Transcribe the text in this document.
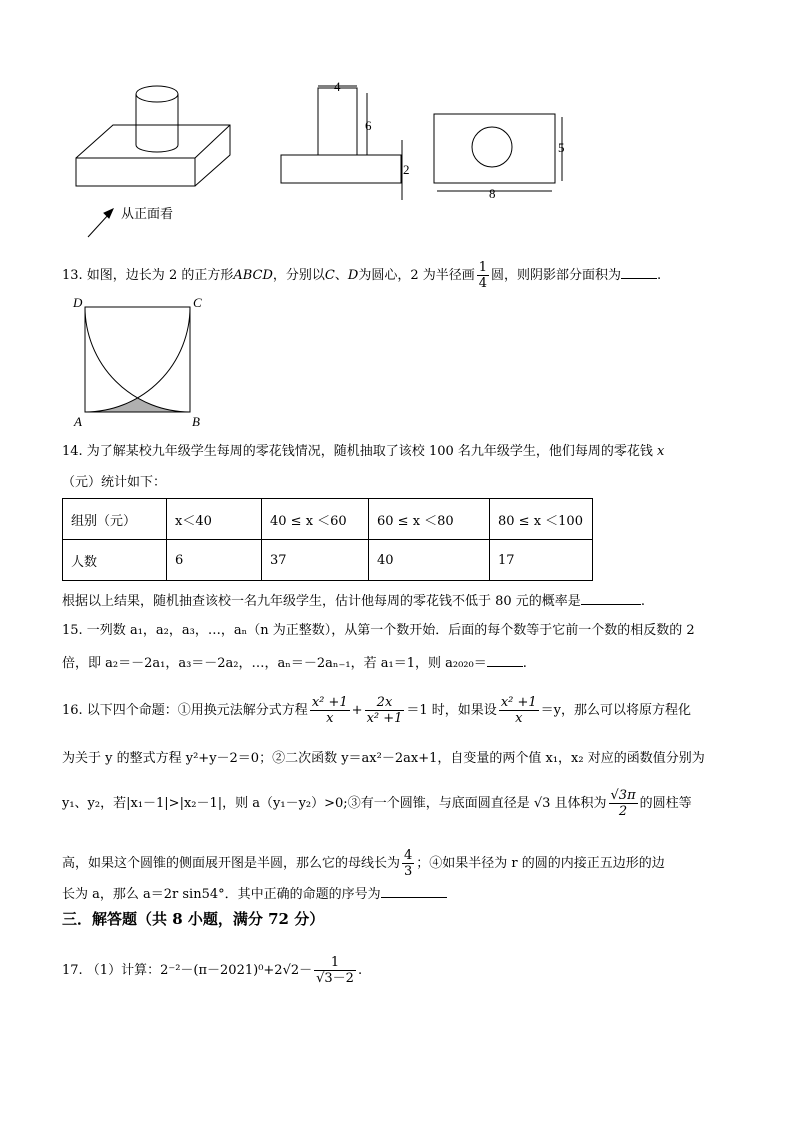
从正面看
4
6
2
5
8
D	C
A	B
13. 如图，边长为 2 的正方形ABCD，分别以C、D为圆心，2 为半径画 $\frac{1}{4}$ 圆，则阴影部分面积为	.
14. 为了解某校九年级学生每周的零花钱情况，随机抽取了该校 100 名九年级学生，他们每周的零花钱 x
（元）统计如下：
组别（元）	x＜40	40 ≤ x ＜60	60 ≤ x ＜80	80 ≤ x ＜100
人数	6	37	40	17
根据以上结果，随机抽查该校一名九年级学生，估计他每周的零花钱不低于 80 元的概率是	.
15. 一列数 a₁，a₂，a₃，…，aₙ（n 为正整数），从第一个数开始．后面的每个数等于它前一个数的相反数的 2
倍，即 a₂＝－2a₁，a₃＝－2a₂，…，aₙ＝－2aₙ₋₁，若 a₁＝1，则 a₂₀₂₀＝	.
16. 以下四个命题：①用换元法解分式方程 $\frac{\text{x² +1}}{x} + \frac{2x}{\text{x² +1}} =1$ 时，如果设 $\frac{\text{x² +1}}{x} =y$，那么可以将原方程化
为关于 y 的整式方程 y²+y－2＝0；②二次函数 y＝ax²－2ax+1，自变量的两个值 x₁，x₂ 对应的函数值分别为
y₁、y₂，若|x₁－1|>|x₂－1|，则 a（y₁－y₂）>0;③有一个圆锥，与底面圆直径是 √3 且体积为 $\frac{√3\pi}{2}$ 的圆柱等
高，如果这个圆锥的侧面展开图是半圆，那么它的母线长为 $\frac{4}{3}$ ；④如果半径为 r 的圆的内接正五边形的边
长为 a，那么 a＝2r sin54°．其中正确的命题的序号为
三．解答题（共 8 小题，满分 72 分）
17. （1）计算：$2^{-2}-(\pi-2021)^0+2√2- \frac{1}{√3-2}$ .
